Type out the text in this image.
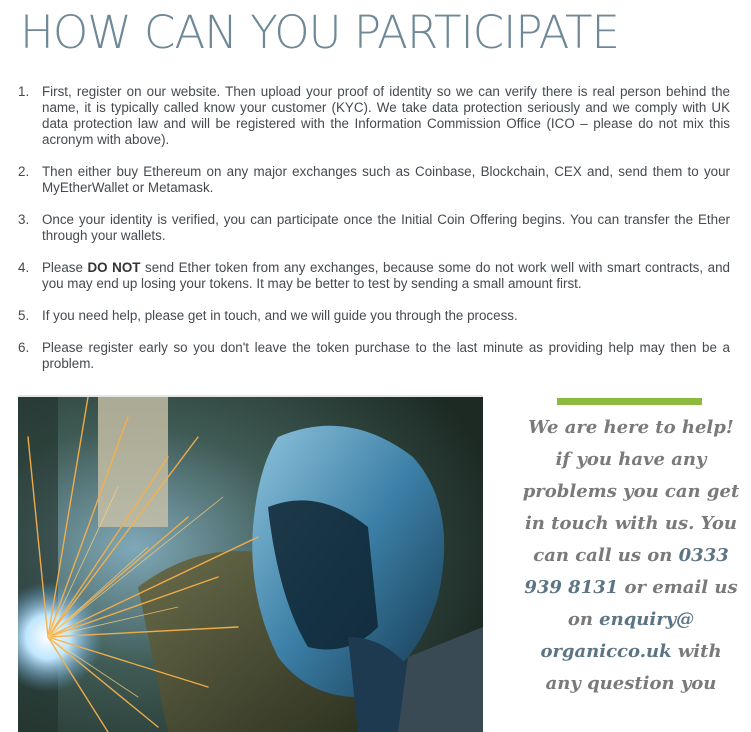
HOW CAN YOU PARTICIPATE
1. First, register on our website. Then upload your proof of identity so we can verify there is real person behind the name, it is typically called know your customer (KYC). We take data protection seriously and we comply with UK data protection law and will be registered with the Information Commission Office (ICO – please do not mix this acronym with above).
2. Then either buy Ethereum on any major exchanges such as Coinbase, Blockchain, CEX and, send them to your MyEtherWallet or Metamask.
3. Once your identity is verified, you can participate once the Initial Coin Offering begins. You can transfer the Ether through your wallets.
4. Please DO NOT send Ether token from any exchanges, because some do not work well with smart contracts, and you may end up losing your tokens. It may be better to test by sending a small amount first.
5. If you need help, please get in touch, and we will guide you through the process.
6. Please register early so you don't leave the token purchase to the last minute as providing help may then be a problem.
We are here to help! if you have any problems you can get in touch with us. You can call us on 0333 939 8131 or email us on enquiry@ organicco.uk with any question you
